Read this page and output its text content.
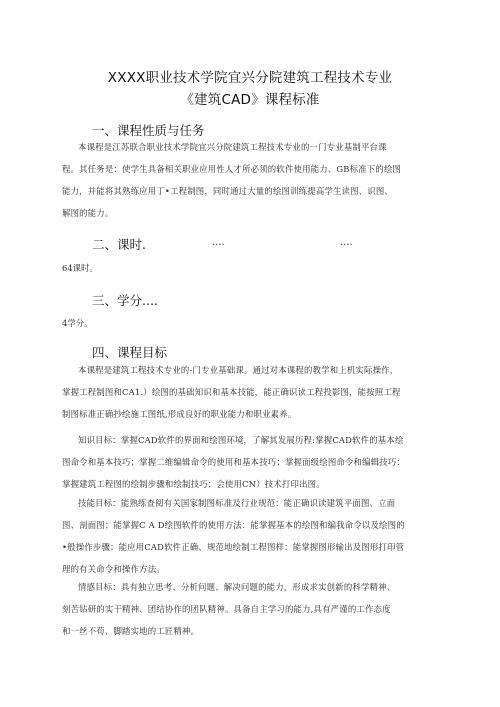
XXXX职业技术学院宜兴分院建筑工程技术专业
《建筑CAD》课程标准
一、课程性质与任务
本课程是江苏联合职业技术学院宜兴分院建筑工程技术专业的一门专业基制平台课
程。其任务是：使学生具备相关职业应用性人才所必须的软件使用能力、GB标准下的绘图
能力，并能将其熟练应用丁•工程制图，同时通过大量的绘图训练提高学生读图、识图、
解图的能力。
二、课时.	....	....
64课时。
三、学分....
4学分。
四、课程目标
本课程是建筑工程技术专业的-门专业基础课。通过对本课程的教学和上机实际操作，
掌握工程制图和CA1.）绘图的基础知识和基本技能，能正确识读工程投影图，能按照工程
制图标准正确抄绘施工图纸,形成良好的职业能力和职业素养。
知识目标：掌握CAD软件的界面和绘图环境，了解其发展历程:掌握CAD软件的基本绘
图命令和基本技巧；掌握二维编辑命令的使用和基本技巧；掌握面级绘图命令和编辑技巧：
掌握建筑工程图的绘制步骤和绘制技巧；会使用CN）技术打印出图。
技能目标：能熟练查阅有关国家制图标准及行业规范：能正确识读建筑平面图、立面
图、剖面图；能掌握C A D绘图软件的使用方法：能掌握基本的绘图和编我命令以及绘图的
•般操作步骤；能应用CAD软件正确、规范地绘制工程图样：能掌握图形输出及图形打印管
理的有关命令和操作方法。
情感目标：具有独立思考、分析问题、解决问题的能力，形成求实创新的科学精神、
刻苦钻研的实干精神、团结协作的团队精神。具备自主学习的能力,具有严谨的工作态度
和一丝不苟、脚踏实地的工匠精神。
